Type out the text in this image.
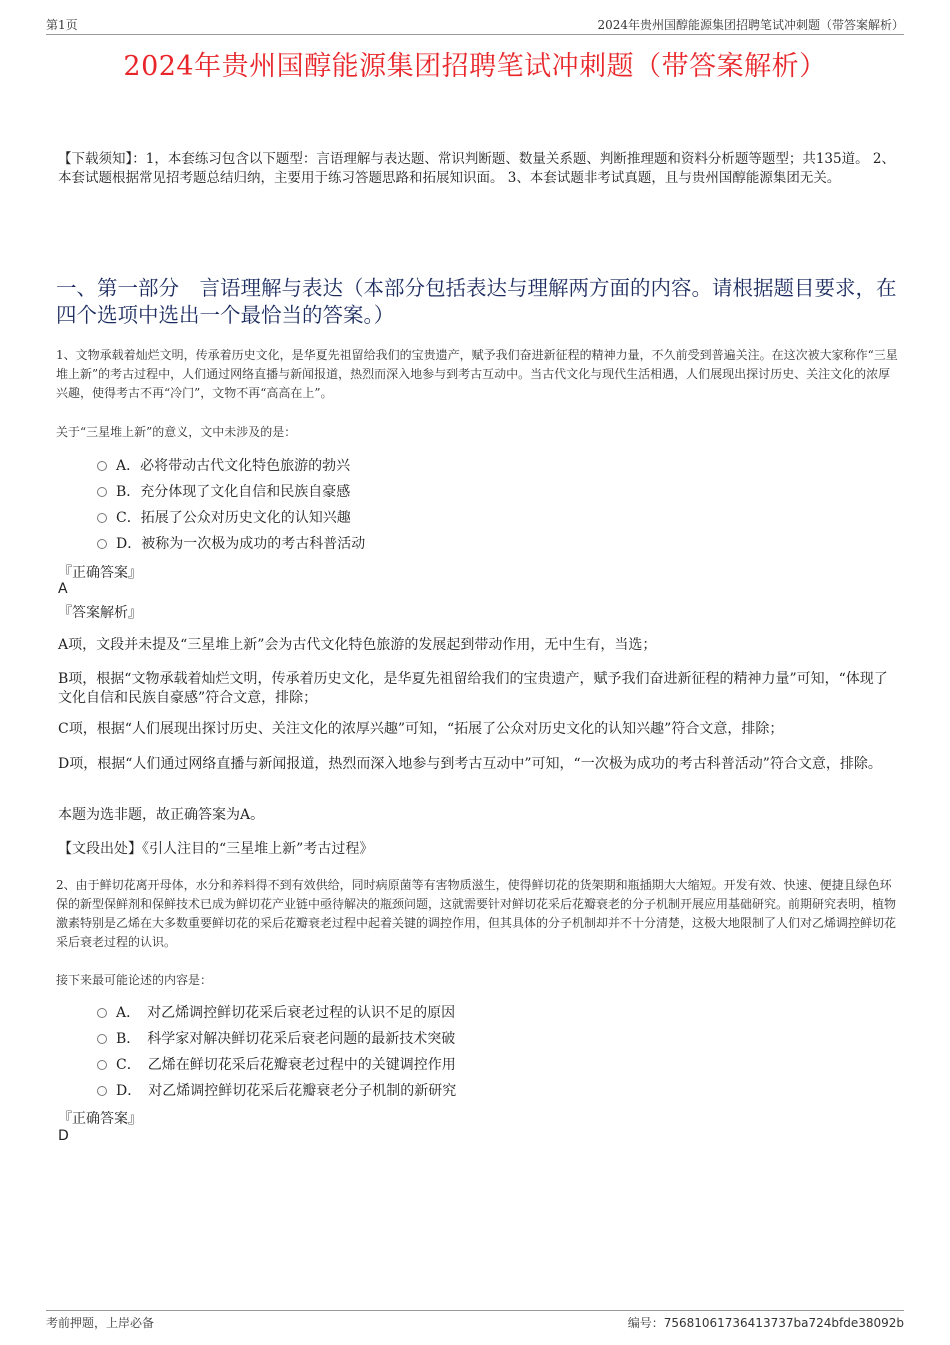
第1页	2024年贵州国醇能源集团招聘笔试冲刺题（带答案解析）
2024年贵州国醇能源集团招聘笔试冲刺题（带答案解析）
【下载须知】：1，本套练习包含以下题型：言语理解与表达题、常识判断题、数量关系题、判断推理题和资料分析题等题型；共135道。 2、本套试题根据常见招考题总结归纳，主要用于练习答题思路和拓展知识面。 3、本套试题非考试真题，且与贵州国醇能源集团无关。
一、第一部分　言语理解与表达（本部分包括表达与理解两方面的内容。请根据题目要求，在四个选项中选出一个最恰当的答案。）
1、文物承载着灿烂文明，传承着历史文化，是华夏先祖留给我们的宝贵遗产，赋予我们奋进新征程的精神力量，不久前受到普遍关注。在这次被大家称作“三星堆上新”的考古过程中，人们通过网络直播与新闻报道，热烈而深入地参与到考古互动中。当古代文化与现代生活相遇，人们展现出探讨历史、关注文化的浓厚兴趣，使得考古不再“冷门”，文物不再“高高在上”。
关于“三星堆上新”的意义，文中未涉及的是：
A．必将带动古代文化特色旅游的勃兴
B．充分体现了文化自信和民族自豪感
C．拓展了公众对历史文化的认知兴趣
D．被称为一次极为成功的考古科普活动
『正确答案』
A
『答案解析』
A项，文段并未提及“三星堆上新”会为古代文化特色旅游的发展起到带动作用，无中生有，当选；
B项，根据“文物承载着灿烂文明，传承着历史文化，是华夏先祖留给我们的宝贵遗产，赋予我们奋进新征程的精神力量”可知，“体现了文化自信和民族自豪感”符合文意，排除；
C项，根据“人们展现出探讨历史、关注文化的浓厚兴趣”可知，“拓展了公众对历史文化的认知兴趣”符合文意，排除；
D项，根据“人们通过网络直播与新闻报道，热烈而深入地参与到考古互动中”可知，“一次极为成功的考古科普活动”符合文意，排除。
本题为选非题，故正确答案为A。
【文段出处】《引人注目的“三星堆上新”考古过程》
2、由于鲜切花离开母体，水分和养料得不到有效供给，同时病原菌等有害物质滋生，使得鲜切花的货架期和瓶插期大大缩短。开发有效、快速、便捷且绿色环保的新型保鲜剂和保鲜技术已成为鲜切花产业链中亟待解决的瓶颈问题，这就需要针对鲜切花采后花瓣衰老的分子机制开展应用基础研究。前期研究表明，植物激素特别是乙烯在大多数重要鲜切花的采后花瓣衰老过程中起着关键的调控作用，但其具体的分子机制却并不十分清楚，这极大地限制了人们对乙烯调控鲜切花采后衰老过程的认识。
接下来最可能论述的内容是：
A．　对乙烯调控鲜切花采后衰老过程的认识不足的原因
B．　科学家对解决鲜切花采后衰老问题的最新技术突破
C．　乙烯在鲜切花采后花瓣衰老过程中的关键调控作用
D．　对乙烯调控鲜切花采后花瓣衰老分子机制的新研究
『正确答案』
D
考前押题，上岸必备	编号：75681061736413737ba724bfde38092b
